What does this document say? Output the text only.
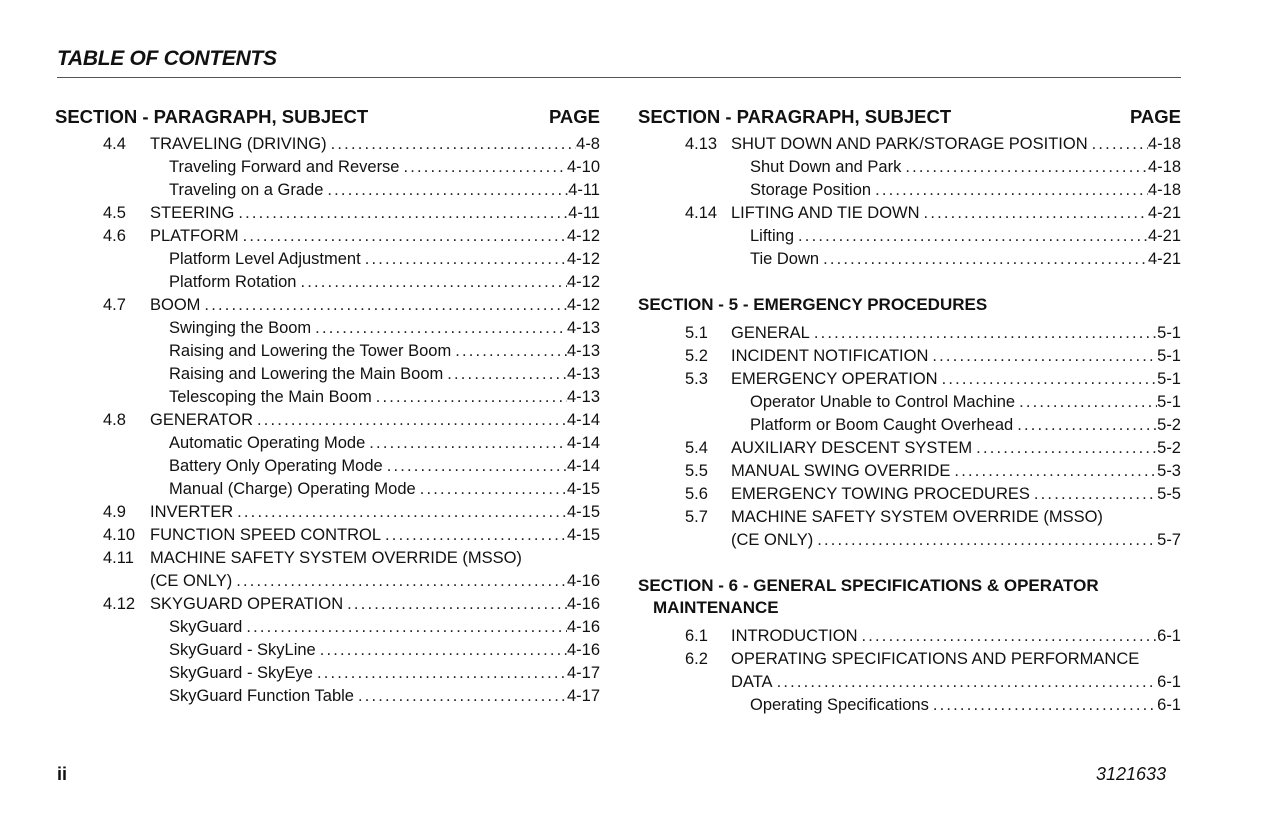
TABLE OF CONTENTS
SECTION - PARAGRAPH, SUBJECT	PAGE
4.4 TRAVELING (DRIVING) . . .	4-8
Traveling Forward and Reverse . . .	4-10
Traveling on a Grade . . .	4-11
4.5 STEERING . . .	4-11
4.6 PLATFORM . . .	4-12
Platform Level Adjustment . . .	4-12
Platform Rotation . . .	4-12
4.7 BOOM . . .	4-12
Swinging the Boom . . .	4-13
Raising and Lowering the Tower Boom . . .	4-13
Raising and Lowering the Main Boom . . .	4-13
Telescoping the Main Boom . . .	4-13
4.8 GENERATOR . . .	4-14
Automatic Operating Mode . . .	4-14
Battery Only Operating Mode . . .	4-14
Manual (Charge) Operating Mode . . .	4-15
4.9 INVERTER . . .	4-15
4.10 FUNCTION SPEED CONTROL . . .	4-15
4.11 MACHINE SAFETY SYSTEM OVERRIDE (MSSO)
(CE ONLY) . . .	4-16
4.12 SKYGUARD OPERATION . . .	4-16
SkyGuard . . .	4-16
SkyGuard - SkyLine . . .	4-16
SkyGuard - SkyEye . . .	4-17
SkyGuard Function Table . . .	4-17
SECTION - PARAGRAPH, SUBJECT	PAGE
4.13 SHUT DOWN AND PARK/STORAGE POSITION . . .	4-18
Shut Down and Park . . .	4-18
Storage Position . . .	4-18
4.14 LIFTING AND TIE DOWN . . .	4-21
Lifting . . .	4-21
Tie Down . . .	4-21
SECTION - 5 - EMERGENCY PROCEDURES
5.1 GENERAL . . .	5-1
5.2 INCIDENT NOTIFICATION . . .	5-1
5.3 EMERGENCY OPERATION . . .	5-1
Operator Unable to Control Machine . . .	5-1
Platform or Boom Caught Overhead . . .	5-2
5.4 AUXILIARY DESCENT SYSTEM . . .	5-2
5.5 MANUAL SWING OVERRIDE . . .	5-3
5.6 EMERGENCY TOWING PROCEDURES . . .	5-5
5.7 MACHINE SAFETY SYSTEM OVERRIDE (MSSO)
(CE ONLY) . . .	5-7
SECTION - 6 - GENERAL SPECIFICATIONS & OPERATOR
MAINTENANCE
6.1 INTRODUCTION . . .	6-1
6.2 OPERATING SPECIFICATIONS AND PERFORMANCE
DATA . . .	6-1
Operating Specifications . . .	6-1
ii	3121633
